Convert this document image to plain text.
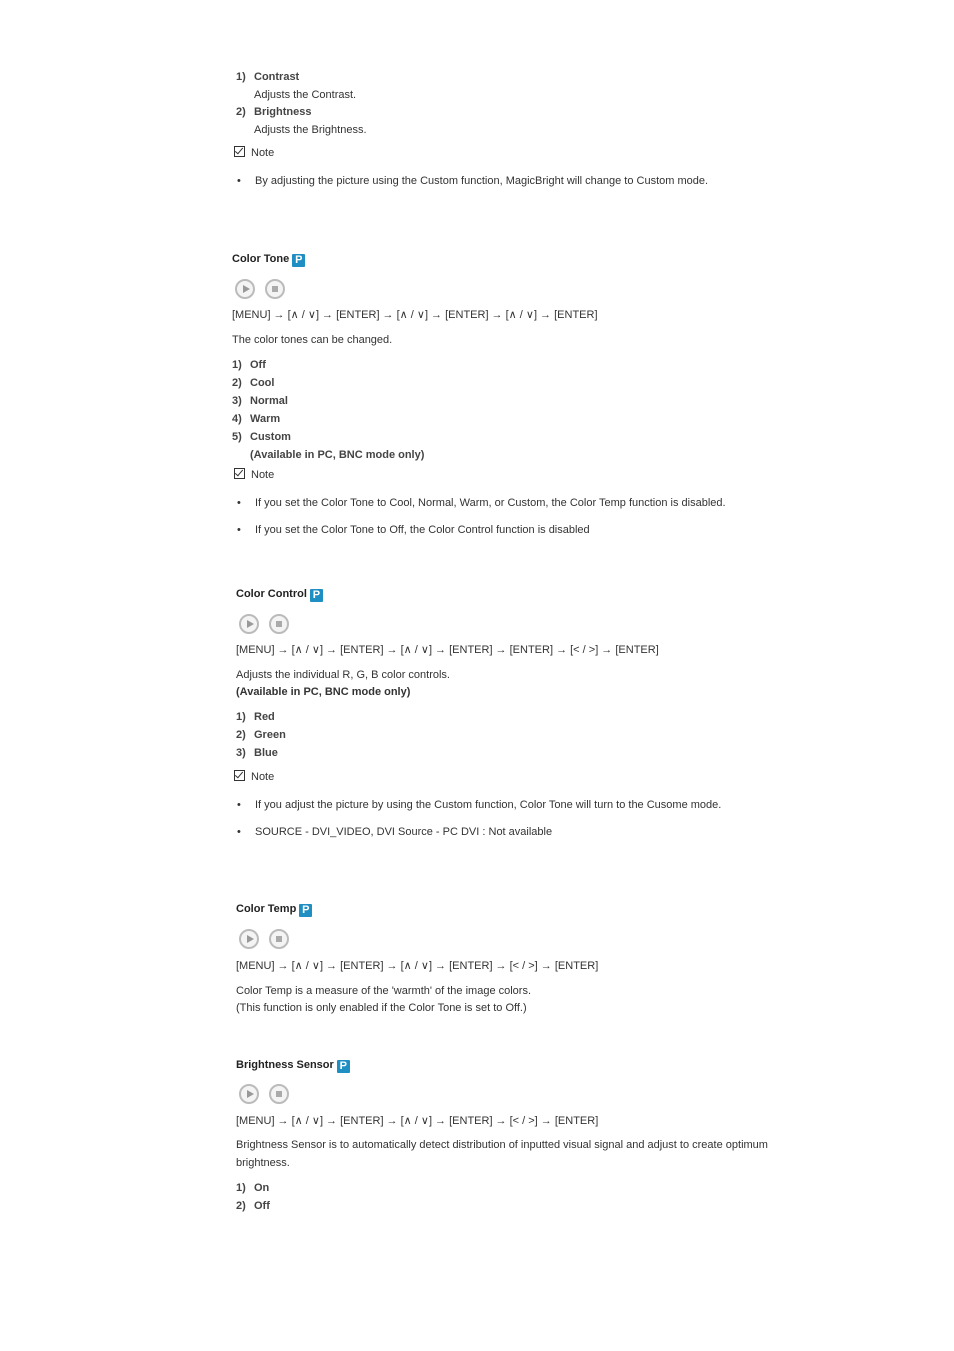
1) Contrast
Adjusts the Contrast.
2) Brightness
Adjusts the Brightness.
Note
• By adjusting the picture using the Custom function, MagicBright will change to Custom mode.
Color Tone P
[MENU] → [∧ / ∨] → [ENTER] → [∧ / ∨] → [ENTER] → [∧ / ∨] → [ENTER]
The color tones can be changed.
1) Off
2) Cool
3) Normal
4) Warm
5) Custom
(Available in PC, BNC mode only)
Note
• If you set the Color Tone to Cool, Normal, Warm, or Custom, the Color Temp function is disabled.
• If you set the Color Tone to Off, the Color Control function is disabled
Color Control P
[MENU] → [∧ / ∨] → [ENTER] → [∧ / ∨] → [ENTER] → [ENTER] → [< / >] → [ENTER]
Adjusts the individual R, G, B color controls.
(Available in PC, BNC mode only)
1) Red
2) Green
3) Blue
Note
• If you adjust the picture by using the Custom function, Color Tone will turn to the Cusome mode.
• SOURCE - DVI_VIDEO, DVI Source - PC DVI : Not available
Color Temp P
[MENU] → [∧ / ∨] → [ENTER] → [∧ / ∨] → [ENTER] → [< / >] → [ENTER]
Color Temp is a measure of the 'warmth' of the image colors.
(This function is only enabled if the Color Tone is set to Off.)
Brightness Sensor P
[MENU] → [∧ / ∨] → [ENTER] → [∧ / ∨] → [ENTER] → [< / >] → [ENTER]
Brightness Sensor is to automatically detect distribution of inputted visual signal and adjust to create optimum
brightness.
1) On
2) Off
